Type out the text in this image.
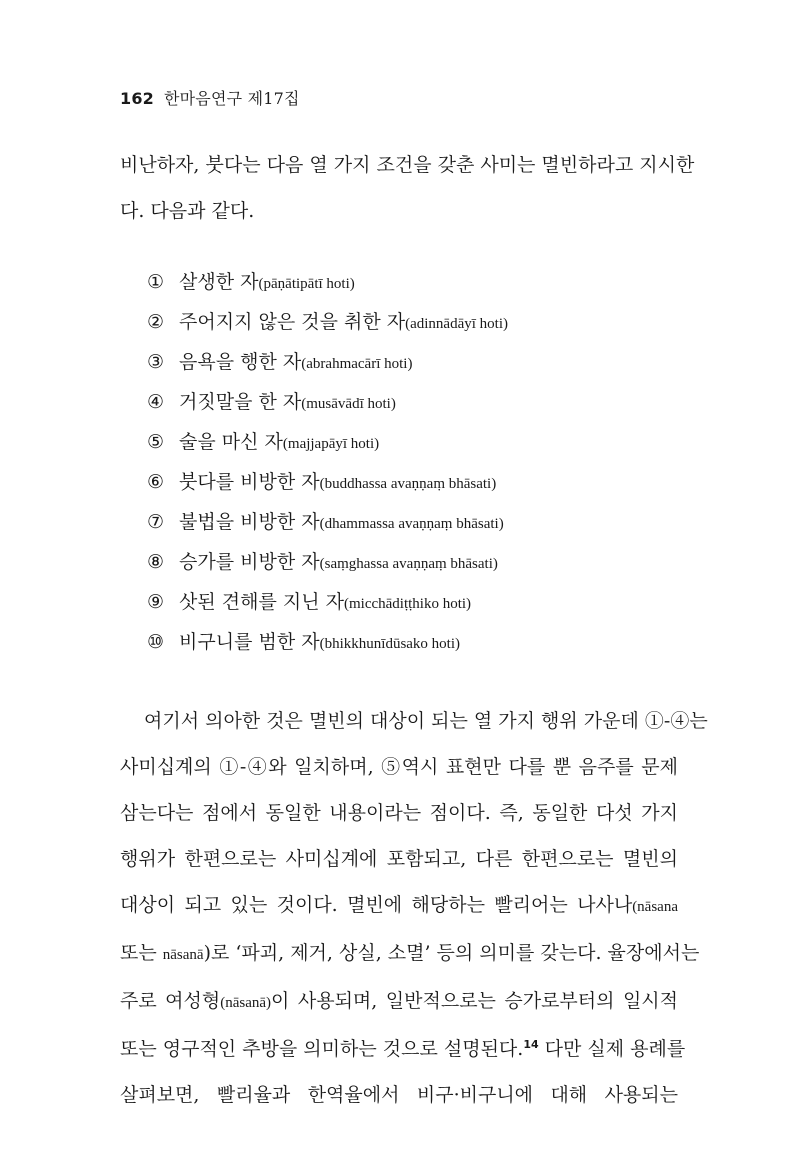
162 한마음연구 제17집
비난하자, 붓다는 다음 열 가지 조건을 갖춘 사미는 멸빈하라고 지시한
다. 다음과 같다.
① 살생한 자(pāṇātipātī hoti)
② 주어지지 않은 것을 취한 자(adinnādāyī hoti)
③ 음욕을 행한 자(abrahmacārī hoti)
④ 거짓말을 한 자(musāvādī hoti)
⑤ 술을 마신 자(majjapāyī hoti)
⑥ 붓다를 비방한 자(buddhassa avaṇṇaṃ bhāsati)
⑦ 불법을 비방한 자(dhammassa avaṇṇaṃ bhāsati)
⑧ 승가를 비방한 자(saṃghassa avaṇṇaṃ bhāsati)
⑨ 삿된 견해를 지닌 자(micchādiṭṭhiko hoti)
⑩ 비구니를 범한 자(bhikkhunīdūsako hoti)
여기서 의아한 것은 멸빈의 대상이 되는 열 가지 행위 가운데 ①-④는
사미십계의 ①-④와 일치하며, ⑤역시 표현만 다를 뿐 음주를 문제
삼는다는 점에서 동일한 내용이라는 점이다. 즉, 동일한 다섯 가지
행위가 한편으로는 사미십계에 포함되고, 다른 한편으로는 멸빈의
대상이 되고 있는 것이다. 멸빈에 해당하는 빨리어는 나사나(nāsana
또는 nāsanā)로 ‘파괴, 제거, 상실, 소멸’ 등의 의미를 갖는다. 율장에서는
주로 여성형(nāsanā)이 사용되며, 일반적으로는 승가로부터의 일시적
또는 영구적인 추방을 의미하는 것으로 설명된다.$^{14}$ 다만 실제 용례를
살펴보면, 빨리율과 한역율에서 비구·비구니에 대해 사용되는
